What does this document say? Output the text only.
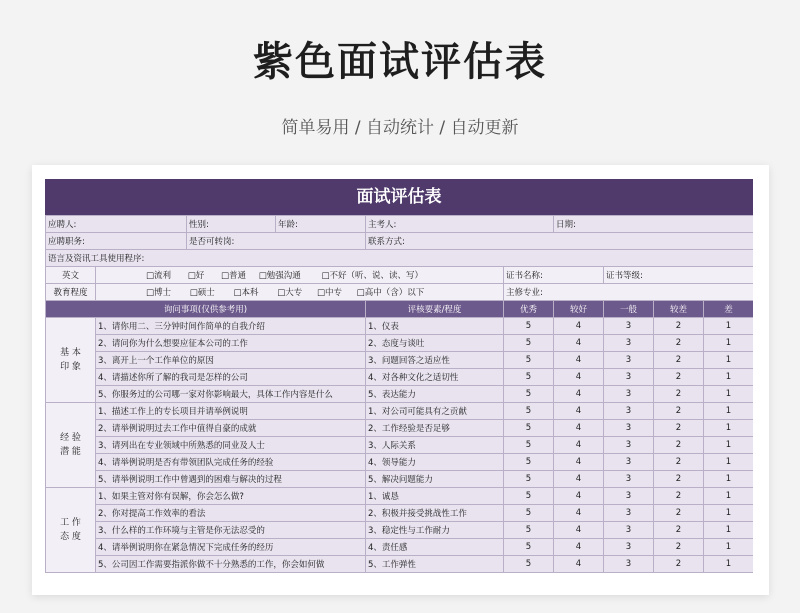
紫色面试评估表
简单易用 / 自动统计 / 自动更新
面试评估表
应聘人:		性别:	年龄:	主考人:		日期:			
应聘职务:		是否可转岗:		联系方式:					
语言及资讯工具使用程序:									
英文	□流利 □好 □普通 □勉强沟通 □不好（听、说、读、写）				证书名称:		证书等级:		
教育程度	□博士 □硕士 □本科 □大专 □中专 □高中（含）以下				主修专业:				
询问事项(仅供参考用)				评核要素/程度	优秀	较好	一般	较差	差
基 本
印 象	1、请你用二、三分钟时间作简单的自我介绍			1、仪表	5	4	3	2	1
	2、请问你为什么想要应征本公司的工作			2、态度与谈吐	5	4	3	2	1
	3、离开上一个工作单位的原因			3、问题回答之适应性	5	4	3	2	1
	4、请描述你所了解的我司是怎样的公司			4、对各种文化之适切性	5	4	3	2	1
	5、你服务过的公司哪一家对你影响最大，具体工作内容是什么			5、表达能力	5	4	3	2	1
经 验
潜 能	1、描述工作上的专长项目并请举例说明			1、对公司可能具有之贡献	5	4	3	2	1
	2、请举例说明过去工作中值得自豪的成就			2、工作经验是否足够	5	4	3	2	1
	3、请列出在专业领域中所熟悉的同业及人士			3、人际关系	5	4	3	2	1
	4、请举例说明是否有带领团队完成任务的经验			4、领导能力	5	4	3	2	1
	5、请举例说明工作中曾遇到的困难与解决的过程			5、解决问题能力	5	4	3	2	1
工 作
态 度	1、如果主管对你有误解，你会怎么做?			1、诚恳	5	4	3	2	1
	2、你对提高工作效率的看法			2、积极并接受挑战性工作	5	4	3	2	1
	3、什么样的工作环境与主管是你无法忍受的			3、稳定性与工作耐力	5	4	3	2	1
	4、请举例说明你在紧急情况下完成任务的经历			4、责任感	5	4	3	2	1
	5、公司因工作需要指派你做不十分熟悉的工作，你会如何做			5、工作弹性	5	4	3	2	1
